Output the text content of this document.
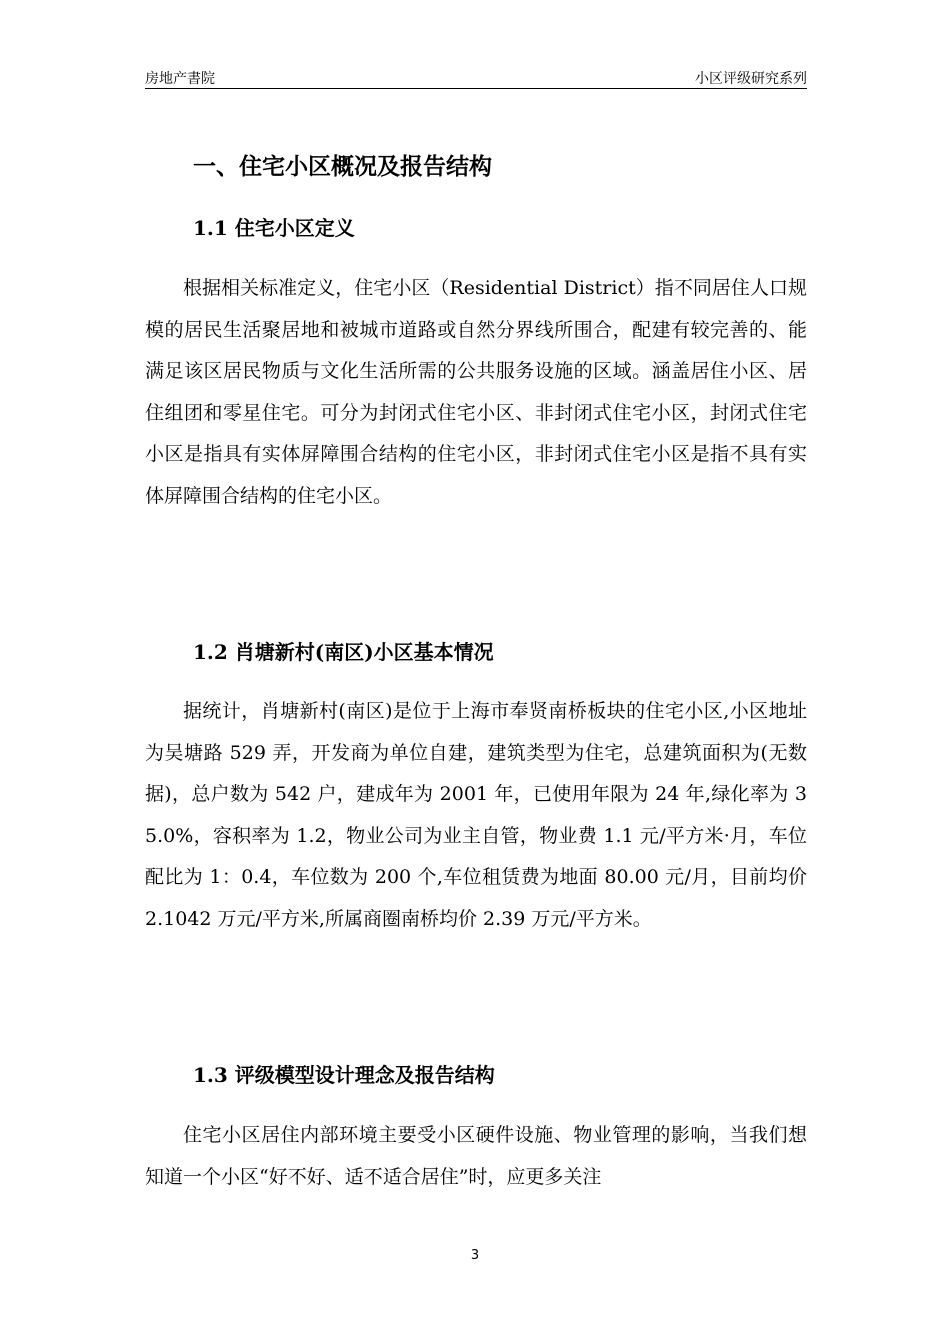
房地产書院	小区评级研究系列
一、住宅小区概况及报告结构
1.1 住宅小区定义

根据相关标准定义，住宅小区（Residential District）指不同居住人口规模的居民生活聚居地和被城市道路或自然分界线所围合，配建有较完善的、能满足该区居民物质与文化生活所需的公共服务设施的区域。涵盖居住小区、居住组团和零星住宅。可分为封闭式住宅小区、非封闭式住宅小区，封闭式住宅小区是指具有实体屏障围合结构的住宅小区，非封闭式住宅小区是指不具有实体屏障围合结构的住宅小区。

1.2 肖塘新村(南区)小区基本情况

据统计，肖塘新村(南区)是位于上海市奉贤南桥板块的住宅小区,小区地址为吴塘路 529 弄，开发商为单位自建，建筑类型为住宅，总建筑面积为(无数据)，总户数为 542 户，建成年为 2001 年，已使用年限为 24 年,绿化率为 35.0%，容积率为 1.2，物业公司为业主自管，物业费 1.1 元/平方米·月，车位配比为 1：0.4，车位数为 200 个,车位租赁费为地面 80.00 元/月，目前均价 2.1042 万元/平方米,所属商圈南桥均价 2.39 万元/平方米。

1.3 评级模型设计理念及报告结构

住宅小区居住内部环境主要受小区硬件设施、物业管理的影响，当我们想知道一个小区“好不好、适不适合居住”时，应更多关注

3
